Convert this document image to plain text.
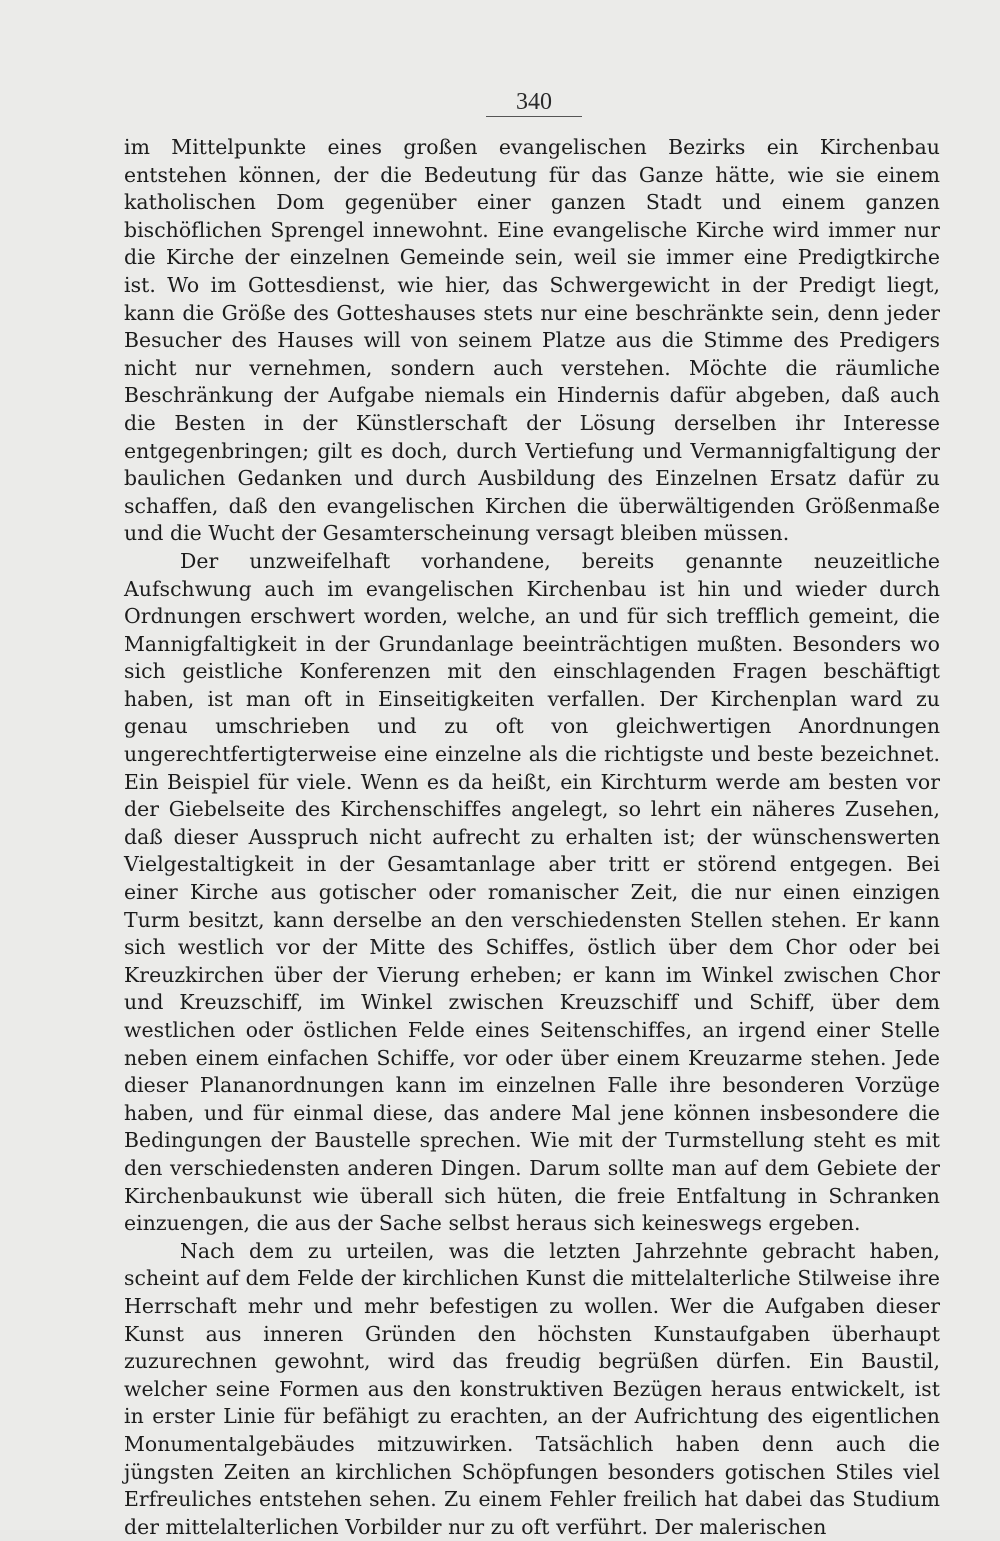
340

im Mittelpunkte eines großen evangelischen Bezirks ein Kirchenbau entstehen können, der die Bedeutung für das Ganze hätte, wie sie einem katholischen Dom gegenüber einer ganzen Stadt und einem ganzen bischöflichen Sprengel innewohnt. Eine evangelische Kirche wird immer nur die Kirche der einzelnen Gemeinde sein, weil sie immer eine Predigtkirche ist. Wo im Gottesdienst, wie hier, das Schwergewicht in der Predigt liegt, kann die Größe des Gotteshauses stets nur eine beschränkte sein, denn jeder Besucher des Hauses will von seinem Platze aus die Stimme des Predigers nicht nur vernehmen, sondern auch verstehen. Möchte die räumliche Beschränkung der Aufgabe niemals ein Hindernis dafür abgeben, daß auch die Besten in der Künstlerschaft der Lösung derselben ihr Interesse entgegenbringen; gilt es doch, durch Vertiefung und Vermannigfaltigung der baulichen Gedanken und durch Ausbildung des Einzelnen Ersatz dafür zu schaffen, daß den evangelischen Kirchen die überwältigenden Größenmaße und die Wucht der Gesamterscheinung versagt bleiben müssen.

Der unzweifelhaft vorhandene, bereits genannte neuzeitliche Aufschwung auch im evangelischen Kirchenbau ist hin und wieder durch Ordnungen erschwert worden, welche, an und für sich trefflich gemeint, die Mannigfaltigkeit in der Grundanlage beeinträchtigen mußten. Besonders wo sich geistliche Konferenzen mit den einschlagenden Fragen beschäftigt haben, ist man oft in Einseitigkeiten verfallen. Der Kirchenplan ward zu genau umschrieben und zu oft von gleichwertigen Anordnungen ungerechtfertigterweise eine einzelne als die richtigste und beste bezeichnet. Ein Beispiel für viele. Wenn es da heißt, ein Kirchturm werde am besten vor der Giebelseite des Kirchenschiffes angelegt, so lehrt ein näheres Zusehen, daß dieser Ausspruch nicht aufrecht zu erhalten ist; der wünschenswerten Vielgestaltigkeit in der Gesamtanlage aber tritt er störend entgegen. Bei einer Kirche aus gotischer oder romanischer Zeit, die nur einen einzigen Turm besitzt, kann derselbe an den verschiedensten Stellen stehen. Er kann sich westlich vor der Mitte des Schiffes, östlich über dem Chor oder bei Kreuzkirchen über der Vierung erheben; er kann im Winkel zwischen Chor und Kreuzschiff, im Winkel zwischen Kreuzschiff und Schiff, über dem westlichen oder östlichen Felde eines Seitenschiffes, an irgend einer Stelle neben einem einfachen Schiffe, vor oder über einem Kreuzarme stehen. Jede dieser Plananordnungen kann im einzelnen Falle ihre besonderen Vorzüge haben, und für einmal diese, das andere Mal jene können insbesondere die Bedingungen der Baustelle sprechen. Wie mit der Turmstellung steht es mit den verschiedensten anderen Dingen. Darum sollte man auf dem Gebiete der Kirchenbaukunst wie überall sich hüten, die freie Entfaltung in Schranken einzuengen, die aus der Sache selbst heraus sich keineswegs ergeben.

Nach dem zu urteilen, was die letzten Jahrzehnte gebracht haben, scheint auf dem Felde der kirchlichen Kunst die mittelalterliche Stilweise ihre Herrschaft mehr und mehr befestigen zu wollen. Wer die Aufgaben dieser Kunst aus inneren Gründen den höchsten Kunstaufgaben überhaupt zuzurechnen gewohnt, wird das freudig begrüßen dürfen. Ein Baustil, welcher seine Formen aus den konstruktiven Bezügen heraus entwickelt, ist in erster Linie für befähigt zu erachten, an der Aufrichtung des eigentlichen Monumentalgebäudes mitzuwirken. Tatsächlich haben denn auch die jüngsten Zeiten an kirchlichen Schöpfungen besonders gotischen Stiles viel Erfreuliches entstehen sehen. Zu einem Fehler freilich hat dabei das Studium der mittelalterlichen Vorbilder nur zu oft verführt. Der malerischen
